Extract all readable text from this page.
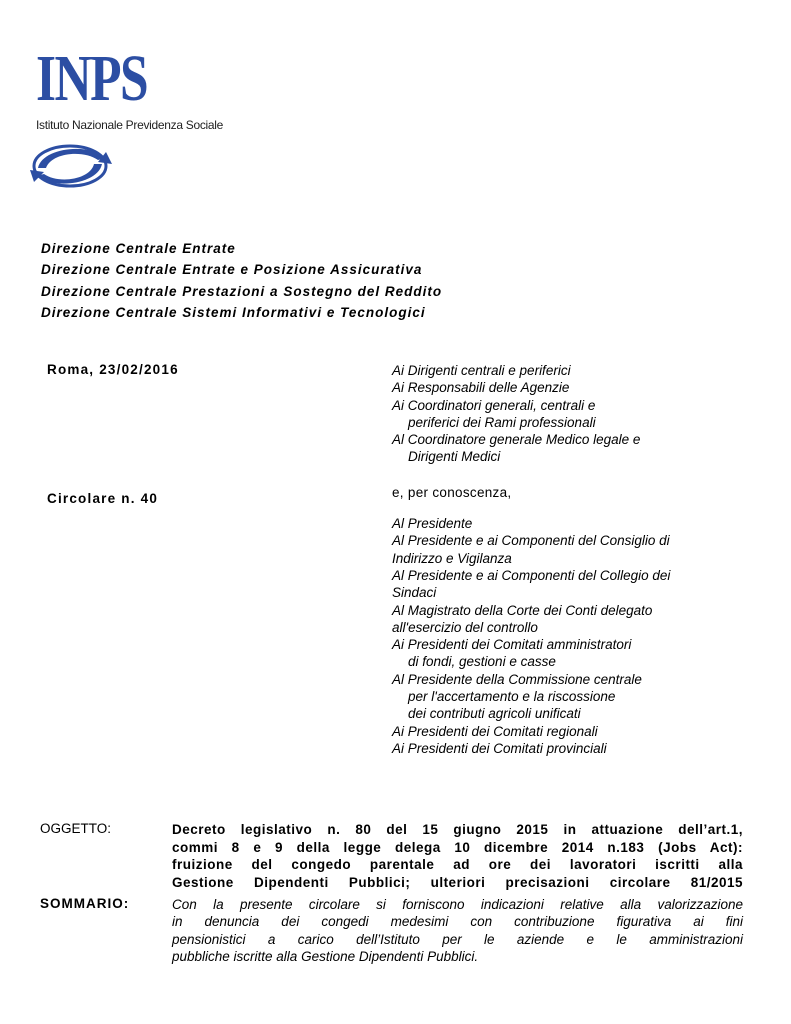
INPS
Istituto Nazionale Previdenza Sociale
Direzione Centrale Entrate
Direzione Centrale Entrate e Posizione Assicurativa
Direzione Centrale Prestazioni a Sostegno del Reddito
Direzione Centrale Sistemi Informativi e Tecnologici
Roma, 23/02/2016
Circolare n. 40
Ai Dirigenti centrali e periferici
Ai Responsabili delle Agenzie
Ai Coordinatori generali, centrali e
periferici dei Rami professionali
Al Coordinatore generale Medico legale e
Dirigenti Medici
e, per conoscenza,
Al Presidente
Al Presidente e ai Componenti del Consiglio di
Indirizzo e Vigilanza
Al Presidente e ai Componenti del Collegio dei
Sindaci
Al Magistrato della Corte dei Conti delegato
all'esercizio del controllo
Ai Presidenti dei Comitati amministratori
di fondi, gestioni e casse
Al Presidente della Commissione centrale
per l'accertamento e la riscossione
dei contributi agricoli unificati
Ai Presidenti dei Comitati regionali
Ai Presidenti dei Comitati provinciali
OGGETTO:	Decreto legislativo n. 80 del 15 giugno 2015 in attuazione dell’art.1,
commi 8 e 9 della legge delega 10 dicembre 2014 n.183 (Jobs Act):
fruizione del congedo parentale ad ore dei lavoratori iscritti alla
Gestione Dipendenti Pubblici; ulteriori precisazioni circolare 81/2015
SOMMARIO:	Con la presente circolare si forniscono indicazioni relative alla valorizzazione
in denuncia dei congedi medesimi con contribuzione figurativa ai fini
pensionistici a carico dell’Istituto per le aziende e le amministrazioni
pubbliche iscritte alla Gestione Dipendenti Pubblici.
